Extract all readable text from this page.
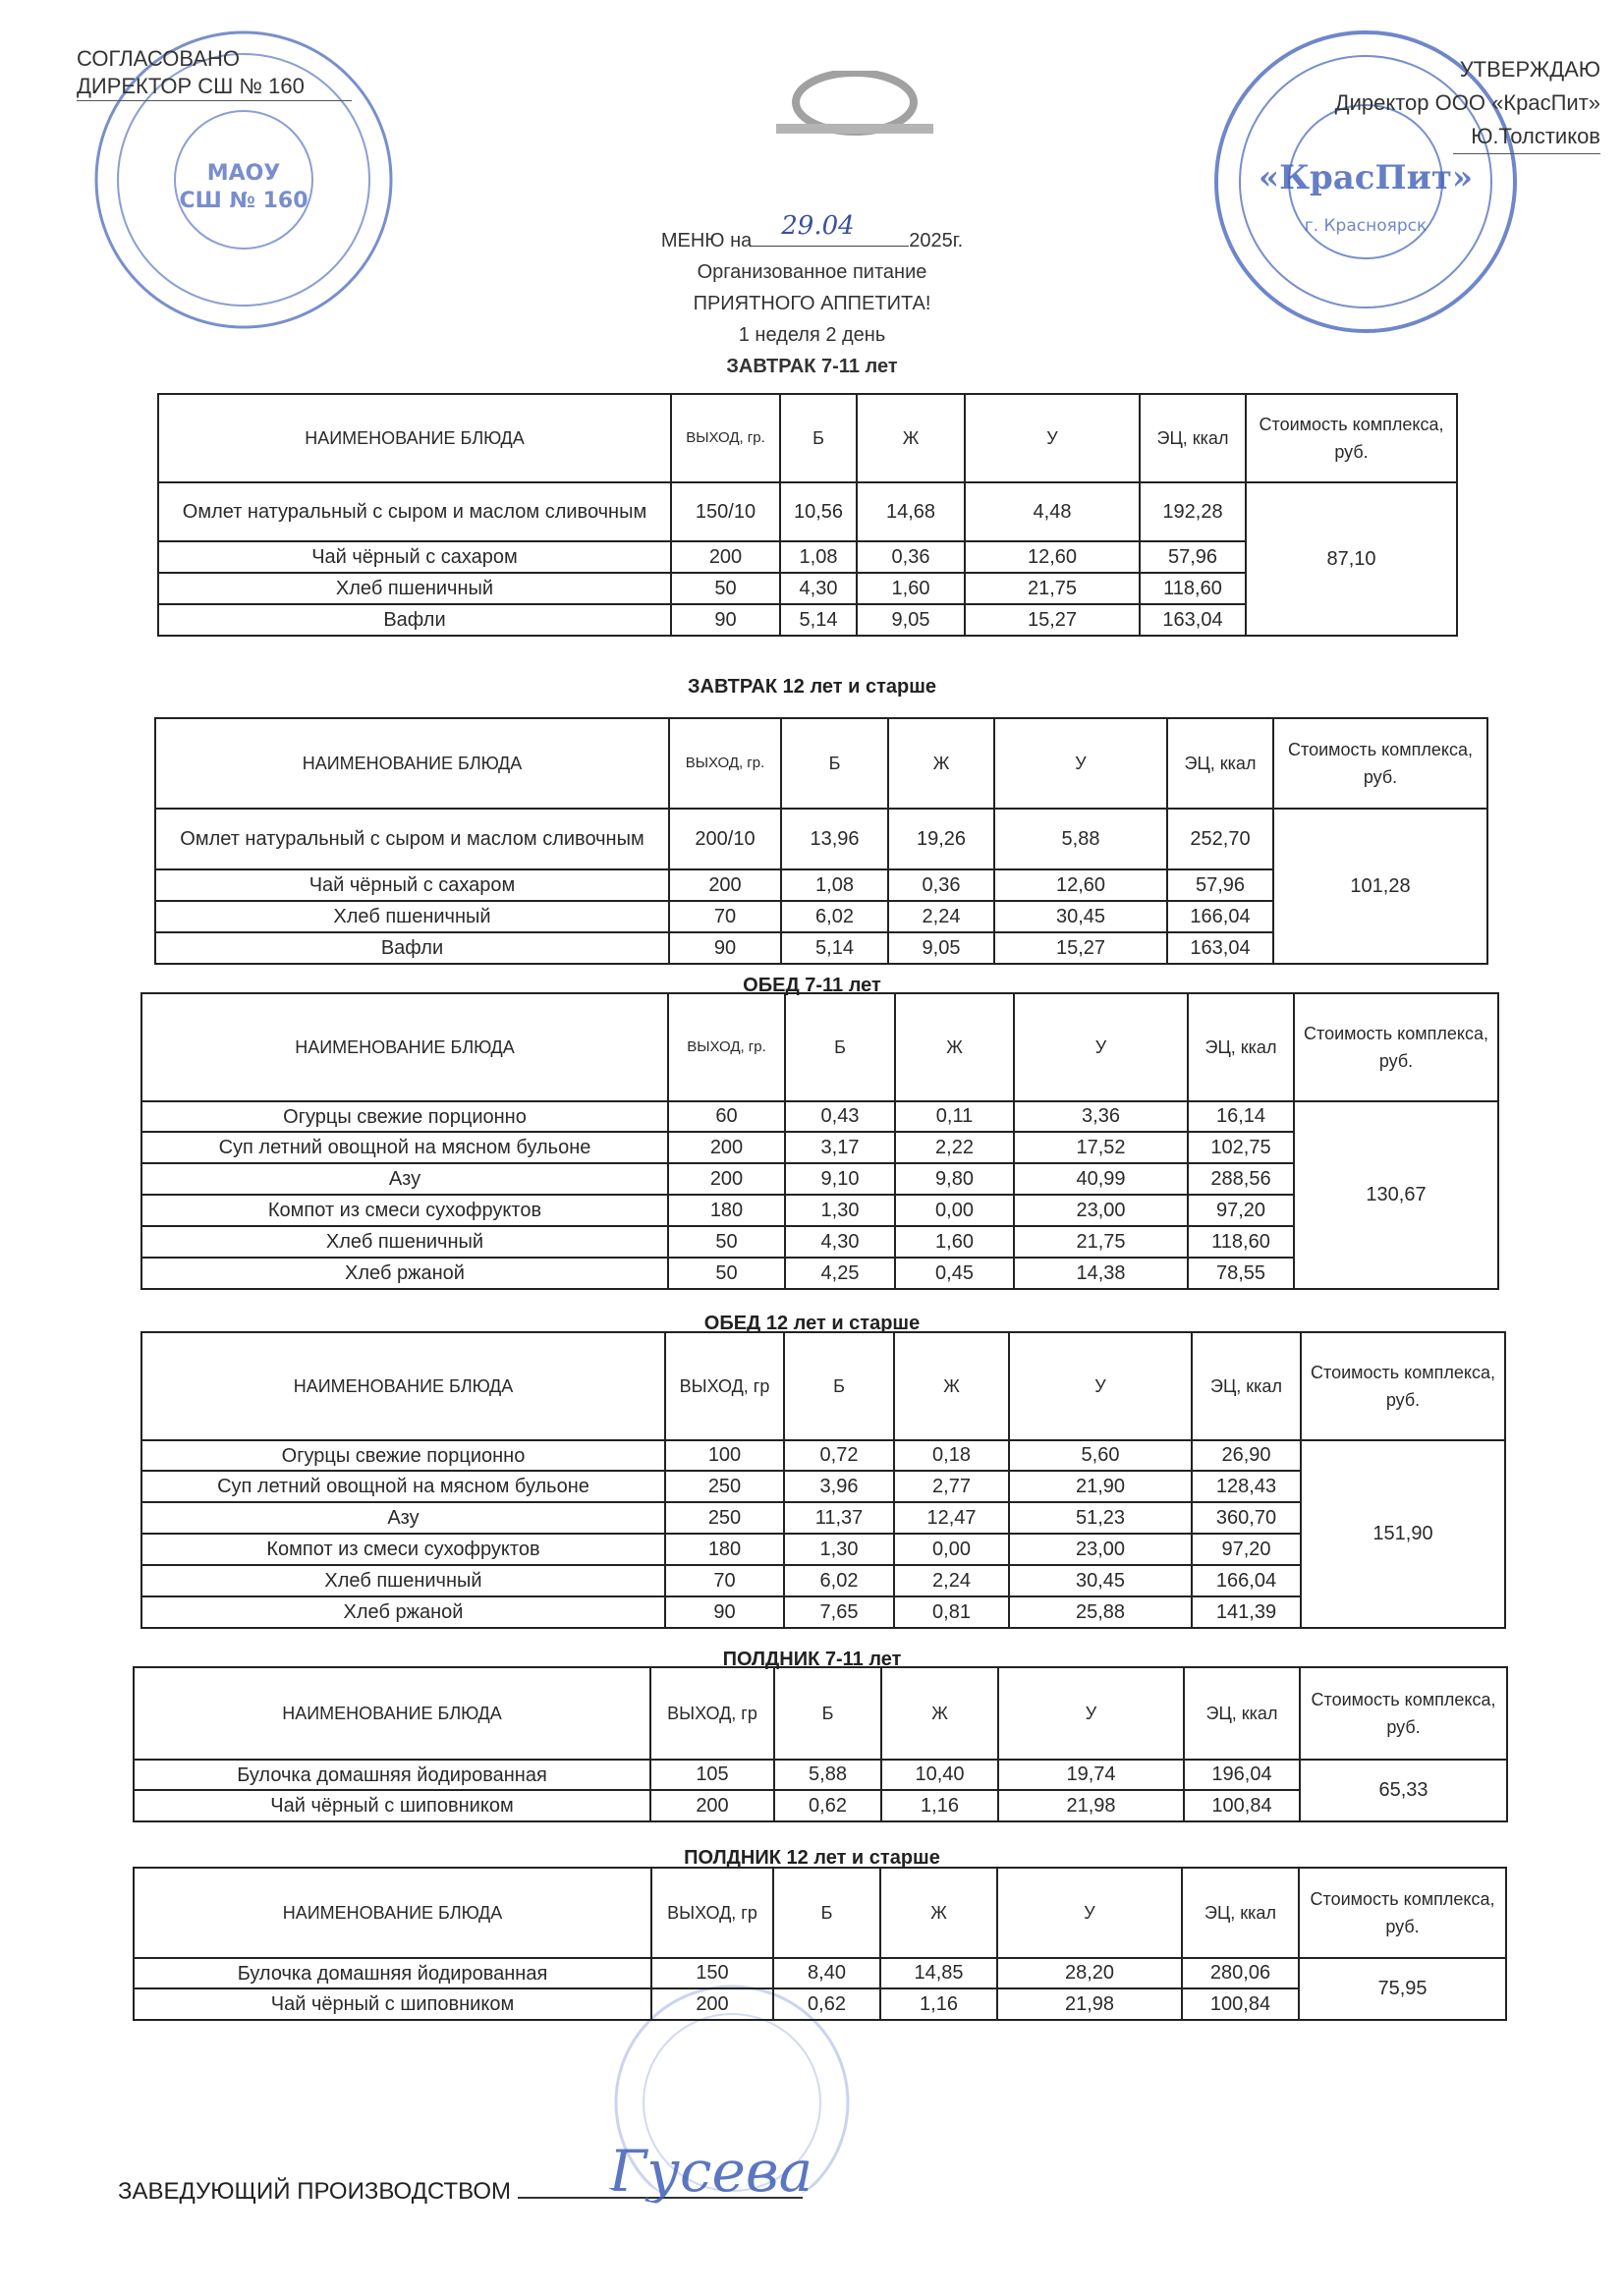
МАОУ
СШ № 160
«КрасПит»
г. Красноярск
СОГЛАСОВАНО
ДИРЕКТОР СШ № 160
УТВЕРЖДАЮ
Директор ООО «КрасПит»
Ю.Толстиков
МЕНЮ на 29.04	2025г.
Организованное питание
ПРИЯТНОГО АППЕТИТА!
1 неделя 2 день
ЗАВТРАК 7-11 лет
НАИМЕНОВАНИЕ БЛЮДА	ВЫХОД, гр.	Б	Ж	У	ЭЦ, ккал	Стоимость комплекса, руб.
Омлет натуральный с сыром и маслом сливочным	150/10	10,56	14,68	4,48	192,28	87,10
Чай чёрный с сахаром	200	1,08	0,36	12,60	57,96	
Хлеб пшеничный	50	4,30	1,60	21,75	118,60	
Вафли	90	5,14	9,05	15,27	163,04	
ЗАВТРАК 12 лет и старше
НАИМЕНОВАНИЕ БЛЮДА	ВЫХОД, гр.	Б	Ж	У	ЭЦ, ккал	Стоимость комплекса, руб.
Омлет натуральный с сыром и маслом сливочным	200/10	13,96	19,26	5,88	252,70	101,28
Чай чёрный с сахаром	200	1,08	0,36	12,60	57,96	
Хлеб пшеничный	70	6,02	2,24	30,45	166,04	
Вафли	90	5,14	9,05	15,27	163,04	
ОБЕД 7-11 лет
НАИМЕНОВАНИЕ БЛЮДА	ВЫХОД, гр.	Б	Ж	У	ЭЦ, ккал	Стоимость комплекса, руб.
Огурцы свежие порционно	60	0,43	0,11	3,36	16,14	130,67
Суп летний овощной на мясном бульоне	200	3,17	2,22	17,52	102,75	
Азу	200	9,10	9,80	40,99	288,56	
Компот из смеси сухофруктов	180	1,30	0,00	23,00	97,20	
Хлеб пшеничный	50	4,30	1,60	21,75	118,60	
Хлеб ржаной	50	4,25	0,45	14,38	78,55	
ОБЕД 12 лет и старше
НАИМЕНОВАНИЕ БЛЮДА	ВЫХОД, гр	Б	Ж	У	ЭЦ, ккал	Стоимость комплекса, руб.
Огурцы свежие порционно	100	0,72	0,18	5,60	26,90	151,90
Суп летний овощной на мясном бульоне	250	3,96	2,77	21,90	128,43	
Азу	250	11,37	12,47	51,23	360,70	
Компот из смеси сухофруктов	180	1,30	0,00	23,00	97,20	
Хлеб пшеничный	70	6,02	2,24	30,45	166,04	
Хлеб ржаной	90	7,65	0,81	25,88	141,39	
ПОЛДНИК 7-11 лет
НАИМЕНОВАНИЕ БЛЮДА	ВЫХОД, гр	Б	Ж	У	ЭЦ, ккал	Стоимость комплекса, руб.
Булочка домашняя йодированная	105	5,88	10,40	19,74	196,04	65,33
Чай чёрный с шиповником	200	0,62	1,16	21,98	100,84	
ПОЛДНИК 12 лет и старше
НАИМЕНОВАНИЕ БЛЮДА	ВЫХОД, гр	Б	Ж	У	ЭЦ, ккал	Стоимость комплекса, руб.
Булочка домашняя йодированная	150	8,40	14,85	28,20	280,06	75,95
Чай чёрный с шиповником	200	0,62	1,16	21,98	100,84	
ЗАВЕДУЮЩИЙ ПРОИЗВОДСТВОМ	Гусева
